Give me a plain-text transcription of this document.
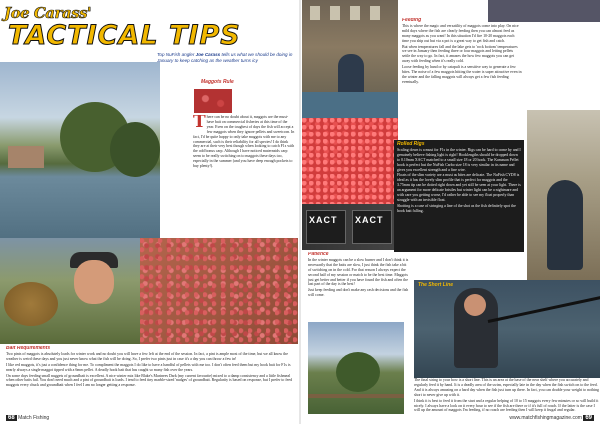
Joe Carass'
TACTICAL TIPS
Top NuFish angler Joe Carass tells us what we should be doing in January to keep catching as the weather turns icy
Maggots Rule
T here can be no doubt about it, maggots are the must-have bait on commercial fisheries at this time of the year. Even on the toughest of days the fish will accept a few maggots when they ignore pellets and sweetcorn. In fact, I'd be quite happy to only take maggots with me to any commercial, such is their reliability for all species! I do think they are at their very best though when looking to catch F1s with the odd bonus carp. Although I have noticed maternstds carp seem to be really switching on to maggots these days too, especially in the summer (and you have deep enough pockets to buy plenty!).
Bait Requirements

Two pints of maggots is absolutely loads for winter work and no doubt you will have a few left at the end of the session. In fact, a pint is ample most of the time, but we all know the weather is weird these days and you just never know what the fish will be doing. So, I prefer two pints just in case it's a day you can throw a few in!

I like red maggots, it's just a confidence thing for me. To compliment the maggots I do like to have a handful of pellets with me too. I don't often feed them but my hook bait for F1s is nearly always a single maggot tipped with a 6mm pellet. A deadly hook bait that has caught so many fish over the years.

On some days feeding small nuggets of groundbait is excellent. A nice winter mix like Blake's Marinees Dark (my current favourite) mixed to a damp consistency and a little fishmeal when other baits fail. You don't need much and a pint of groundbait is loads. I tend to feed tiny marble-sized 'nudges' of groundbait. Regularity is based on response, but I prefer to feed maggots every chuck and groundbait when I feel I am no longer getting a response.

68 Match Fishing
Feeding

This is where the magic and versatility of maggots come into play. On nice mild days where the fish are clearly feeding then you can almost feed as many maggots as you want! In this situation I'd fire 10-20 maggots each time you ship out but via a pot is a great way to get fish and catch.

But when temperatures fall and the lake gets to 'rock bottom' temperatures we see in January then feeding three or four maggots and letting pellets settle the way to go. In fact, it amazes the how few maggots you can get away with feeding when it's really cold.

Loose feeding by hand or by catapult is a sensitive way to generate a few bites. The noise of a few maggots hitting the water is super attractive even in the winter and the falling maggots will always get a few fish feeding eventually.

XACT XACT
Rolled Rigs

Scaling down is a must for F1s in the winter. Rigs can be hard to come by and I genuinely believe fishing light is right! Hooklengths should be dropped down to 0.10mm XACT matched to a small size 18 or 20 hook. The Kamasan Pellet hook is perfect but the NuFish Carbo size 18 is very similar in its name and gives you excellent strength and a fine wire.

Floats of the slim variety are a must as bites are delicate. The NuFish CYD8 is ideal as it has the lovely slim profile that is perfect for maggots and the 3.75mm tip can be dotted right down and yet still be seen at your light. There is an argument for more delicate bristles but winter light can be a nightmare and with care you getting worse, I'd rather be able to see my float properly than struggle with an invisible float.

Shotting is a case of stringing a line of the shot as the fish definitely spot the hook bait falling.

Patience

In the winter maggots can be a slow burner and I don't think it is necessarily that the baits are slow, I just think the fish take a bit of switching on in the cold. For that reason I always expect the second half of my session or match to be the best time. Maggots just get better and better if you have found the fish and often the last part of the day is the best!

Just keep feeding and don't make any rash decisions and the fish will come.

The Short Line

The final string to your bow is a short line. This is an area at the base of the near shelf where you accurately and regularly feed it by hand. It is a deadly area of the swim, especially late in the day when the fish switch on to the feed. And it is always amazing on a hard day when the fish just turn up there. In fact, you can double your weight to nothing short to never give up with it.

I think it is best to feed it from the start and a regular helping of 10 to 15 maggots every few minutes or so will build it nicely. I always have a look on it every hour to see if the fish are there or if it's full of roach. If the latter is the case I will up the amount of maggots I'm feeding, if no roach are feeding then I will keep it frugal and regular.

www.matchfishingmagazine.com 69
